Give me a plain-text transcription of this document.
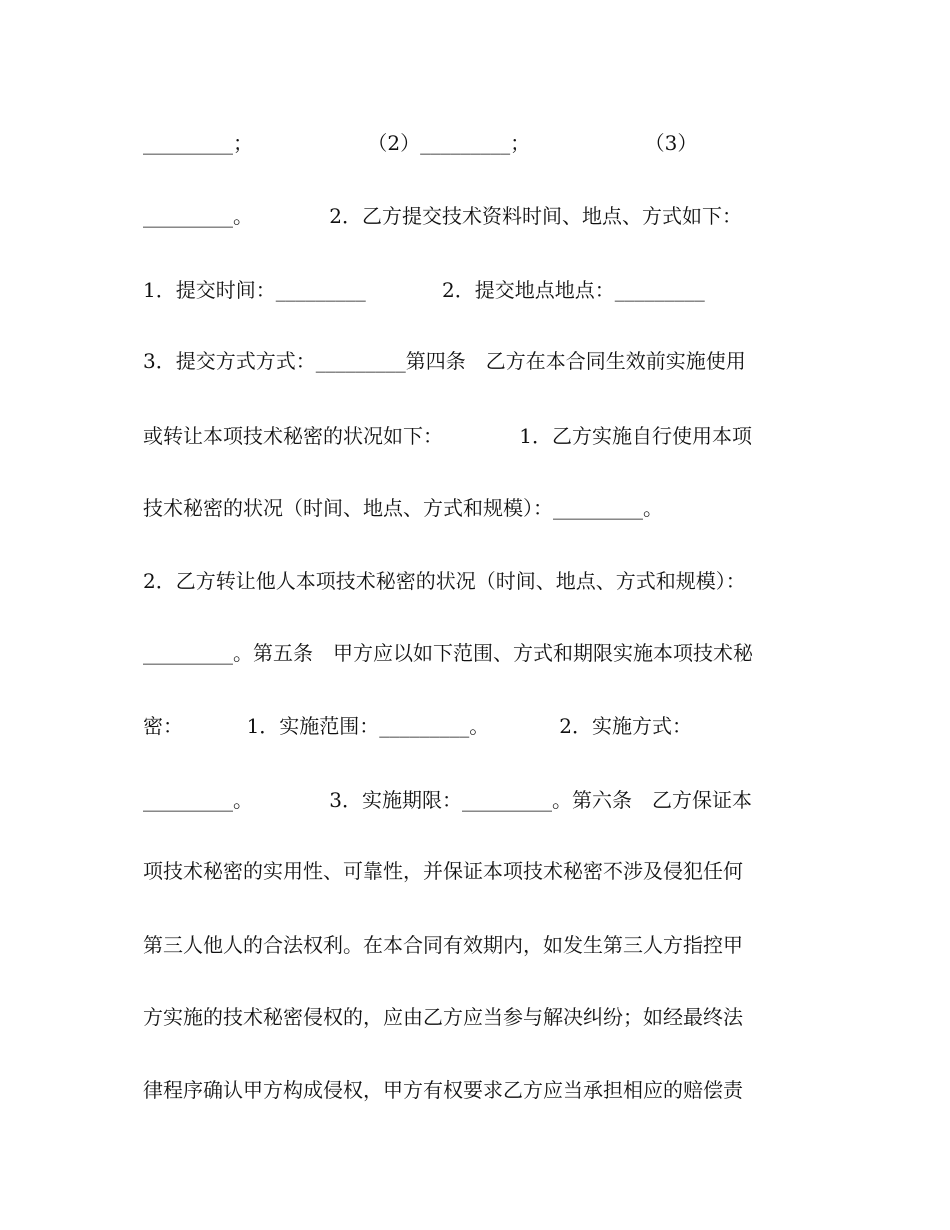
_________；                  （2）_________；                  （3）
_________。            2．乙方提交技术资料时间、地点、方式如下：
1．提交时间：_________            2．提交地点地点：_________
3．提交方式方式：_________第四条　乙方在本合同生效前实施使用
或转让本项技术秘密的状况如下：            1．乙方实施自行使用本项
技术秘密的状况（时间、地点、方式和规模）：_________。
2．乙方转让他人本项技术秘密的状况（时间、地点、方式和规模）：
_________。第五条　甲方应以如下范围、方式和期限实施本项技术秘
密：          1．实施范围：_________。           2．实施方式：
_________。            3．实施期限：_________。第六条　乙方保证本
项技术秘密的实用性、可靠性，并保证本项技术秘密不涉及侵犯任何
第三人他人的合法权利。在本合同有效期内，如发生第三人方指控甲
方实施的技术秘密侵权的，应由乙方应当参与解决纠纷；如经最终法
律程序确认甲方构成侵权，甲方有权要求乙方应当承担相应的赔偿责
